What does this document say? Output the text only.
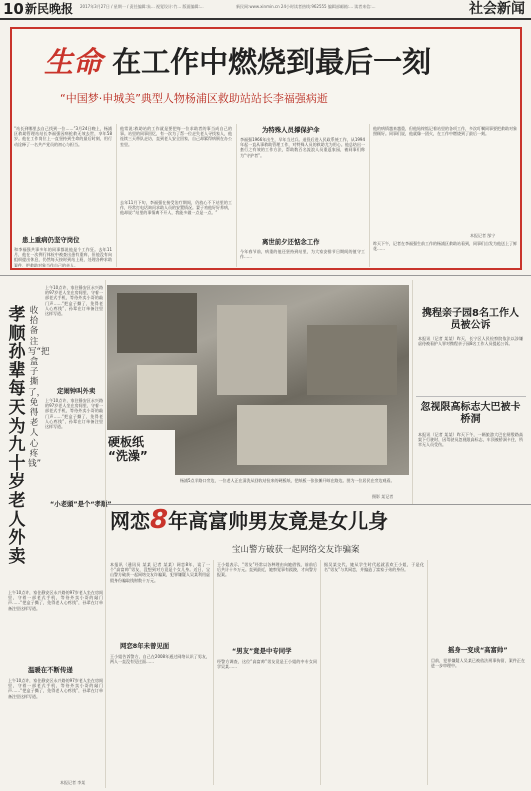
10 新民晚报 2017年3月27日 / 星期一 / 责任编辑:朱... 视觉设计:竹... 版面编辑:...	新民网:www.xinmin.cn 24小时读者热线:962555 编辑部邮箱:... 读者来信:...	社会新闻
生命 在工作中燃烧到最后一刻
“中国梦·申城美”典型人物杨浦区救助站站长李福强病逝
“站长到哪里去自己找到一位……”3月24日晚上，杨浦区救助管理站站长李福强因病抢救无效去世，享年58岁。他在工作岗位上一直坚持到生命的最后时刻，用行动诠释了一名共产党员的初心与担当。
患上重病仍坚守岗位
和李福强共事多年的同事都说他是个工作狂。去年11月，他在一次例行体检中被查出患有重病，但他没有向组织提出休息，仍然每天按时到站上班，处理各种求助案件，把救助对象当作自己的亲人。
他常说:救助站的工作就是要把每一位求助者的事当成自己的事。站里的同事回忆，有一次为了帮一位走失老人寻找家人，他连续三天带队走访，直到老人安全回家，自己却累得病倒在办公室里。
去年11月下旬，李福强在接受治疗期间，仍放心不下站里的工作，经常打电话询问求助人员的安置情况。妻子劝他好好养病，他却说:“站里的事情离不开人，我能多做一点是一点。”
为特殊人员撑保护伞
李福强1966年出生，早年当过兵。退役后进入民政系统工作，从1994年起一直从事救助管理工作，对特殊人员的救助尤为用心。他总结出一套行之有效的工作方法，帮助数百名流浪人员重返家园，被同事们称为“守护者”。
离世前夕还惦念工作
今年春节前，病重的他还坚持到站里，为大家安排节日期间的值守工作……
他的病情越来越重，但他始终惦记着站里的各项工作，多次叮嘱同事要把救助对象照顾好。同事们说，他就像一团火，在工作中燃烧到了最后一刻。
本报记者 郜宁
昨天下午，记者在李福强生前工作的杨浦区救助站看到，同事们自发为他送上了鲜花……
孝顺孙辈每天为九十岁老人外卖
收拾备注写“把盒子撕了，免得老人心疼钱”
上午10点许，家住静安区永兴路的97岁老人坐在房间里，守着一部老式手机，等待外卖小哥的敲门声……“把盒子撕了，免得老人心疼钱”，孙辈在订单备注里这样写道。
定闹钟叫外卖
上午10点许，家住静安区永兴路的97岁老人坐在房间里，守着一部老式手机，等待外卖小哥的敲门声……“把盒子撕了，免得老人心疼钱”，孙辈在订单备注里这样写道。
“小老頭”是个“孝顺”
上午10点许，家住静安区永兴路的97岁老人坐在房间里，守着一部老式手机，等待外卖小哥的敲门声……“把盒子撕了，免得老人心疼钱”，孙辈在订单备注里这样写道。
温暖在不断传递
上午10点许，家住静安区永兴路的97岁老人坐在房间里，守着一部老式手机，等待外卖小哥的敲门声……“把盒子撕了，免得老人心疼钱”，孙辈在订单备注里这样写道。
本报记者 李某
硬板纸
“洗澡”
杨浦5点半路口旁边，一位老人正在清洗从回收站捡来的硬板纸，把纸板一张张摊开晾在路边。图为一位居民在旁边观看。
摄影 某记者
携程亲子园8名工作人员被公诉
本报讯（记者 某某）昨天，长宁区人民检察院依法以涉嫌虐待被看护人罪对携程亲子园8名工作人员提起公诉。
忽视限高标志大巴被卡桥洞
本报讯（记者 某某）昨天下午，一辆旅游大巴在闸殷路高架下行驶时，因驾驶员忽视限高标志，车顶被桥洞卡住，所幸无人员受伤。
网恋8年高富帅男友竟是女儿身
宝山警方破获一起网络交友诈骗案
本报讯（通讯员 某某 记者 某某）网恋8年，谈了一个“高富帅”男友，没想到对方竟是个女儿身。近日，宝山警方破获一起网络交友诈骗案，犯罪嫌疑人吴某利用虚假身份骗取钱财数十万元。
网恋8年未曾见面
王小姐告诉警方，自己在2008年通过网络认识了男友，两人一直没有见过面……
王小姐表示，“男友”经常以各种理由向她借钱，前前后后共计十多万元。直到最近，她察觉事有蹊跷，才向警方报案。
“男友”竟是中专同学
经警方调查，这位“高富帅”男友竟是王小姐的中专女同学吴某……
据吴某交代，她从学生时代起就喜欢王小姐，于是化名“男友”与其网恋，并编造了富家子弟的身份。
摇身一变成“高富帅”
目前，犯罪嫌疑人吴某已被依法刑事拘留，案件正在进一步审理中。
